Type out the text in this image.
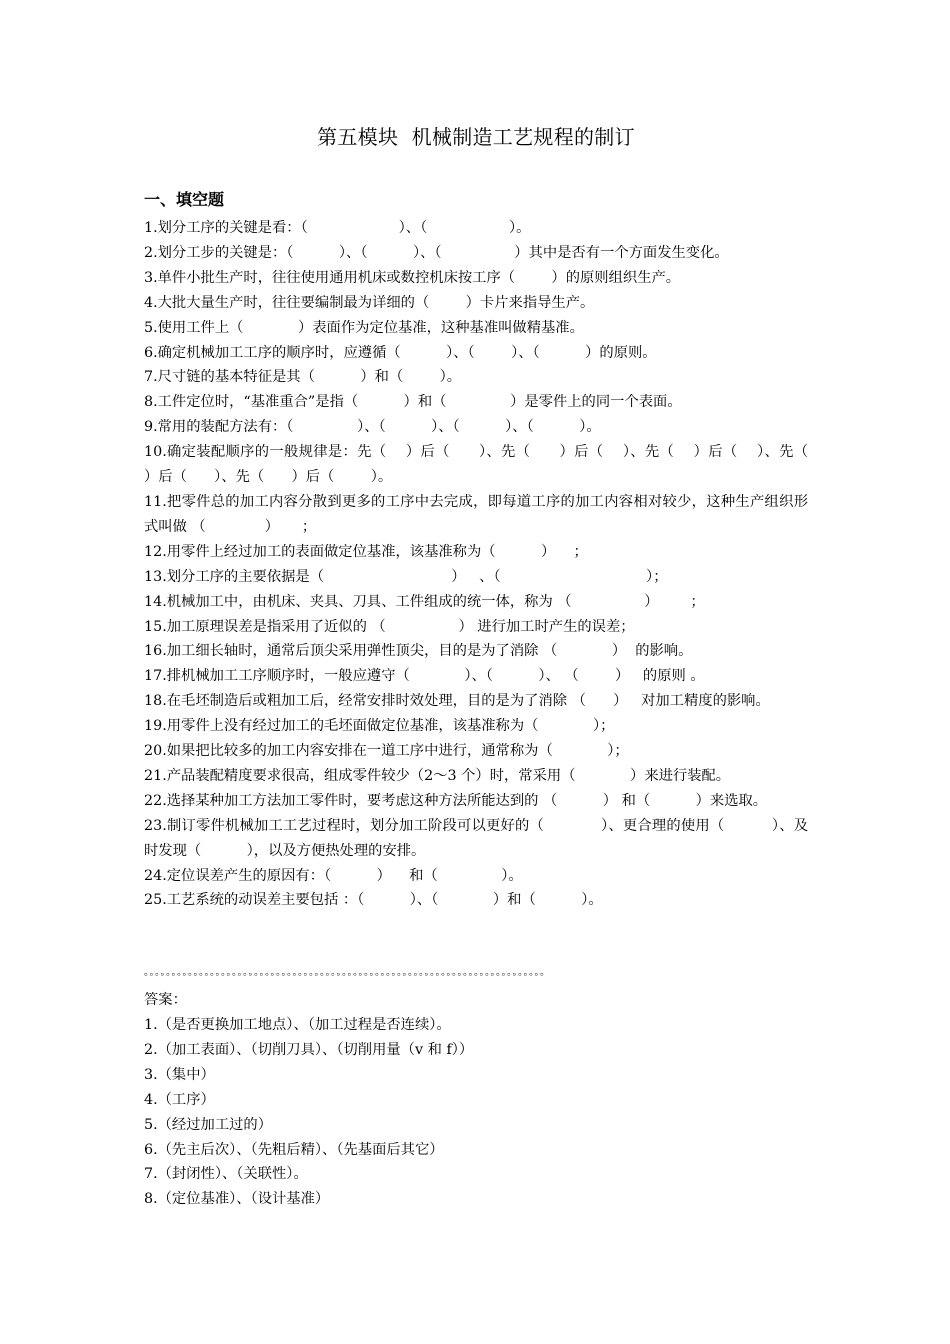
第五模块  机械制造工艺规程的制订
一、填空题
1.划分工序的关键是看：（                    ）、（                  ）。
2.划分工步的关键是：（          ）、（          ）、（                ）其中是否有一个方面发生变化。
3.单件小批生产时，往往使用通用机床或数控机床按工序（        ）的原则组织生产。
4.大批大量生产时，往往要编制最为详细的（        ）卡片来指导生产。
5.使用工件上（            ）表面作为定位基准，这种基准叫做精基准。
6.确定机械加工工序的顺序时，应遵循（          ）、（        ）、（          ）的原则。
7.尺寸链的基本特征是其（          ）和（        ）。
8.工件定位时，“基准重合”是指（          ）和（              ）是零件上的同一个表面。
9.常用的装配方法有：（              ）、（          ）、（          ）、（          ）。
10.确定装配顺序的一般规律是：先（    ）后（      ）、先（      ）后（    ）、先（    ）后（    ）、先（    ）后（      ）、先（      ）后（        ）。
11.把零件总的加工内容分散到更多的工序中去完成，即每道工序的加工内容相对较少，这种生产组织形式叫做 （             ）     ；
12.用零件上经过加工的表面做定位基准，该基准称为（          ）    ；
13.划分工序的主要依据是（                            ）   、（                                ）；
14.机械加工中，由机床、夹具、刀具、工件组成的统一体，称为 （                ）       ；
15.加工原理误差是指采用了近似的 （                ） 进行加工时产生的误差；
16.加工细长轴时，通常后顶尖采用弹性顶尖，目的是为了消除 （            ）  的影响。
17.排机械加工工序顺序时，一般应遵守（            ）、（          ）、 （        ）   的原则 。
18.在毛坯制造后或粗加工后，经常安排时效处理，目的是为了消除 （      ）   对加工精度的影响。
19.用零件上没有经过加工的毛坯面做定位基准，该基准称为（            ）；
20.如果把比较多的加工内容安排在一道工序中进行，通常称为（            ）；
21.产品装配精度要求很高，组成零件较少（2～3 个）时，常采用（            ）来进行装配。
22.选择某种加工方法加工零件时，要考虑这种方法所能达到的 （          ） 和（          ）来选取。
23.制订零件机械加工工艺过程时，划分加工阶段可以更好的（            ）、更合理的使用（          ）、及时发现（          ），以及方便热处理的安排。
24.定位误差产生的原因有：（          ）    和（              ）。
25.工艺系统的动误差主要包括 ：（          ）、（            ）和（          ）。
。。。。。。。。。。。。。。。。。。。。。。。。。。。。。。。。。。。。。。。。。。。。。。。。。。。。。。。。。。。。。。。。。。。。。。。。。
答案：
1.（是否更换加工地点）、（加工过程是否连续）。
2.（加工表面）、（切削刀具）、（切削用量（v 和 f））
3.（集中）
4.（工序）
5.（经过加工过的）
6.（先主后次）、（先粗后精）、（先基面后其它）
7.（封闭性）、（关联性）。
8.（定位基准）、（设计基准）
